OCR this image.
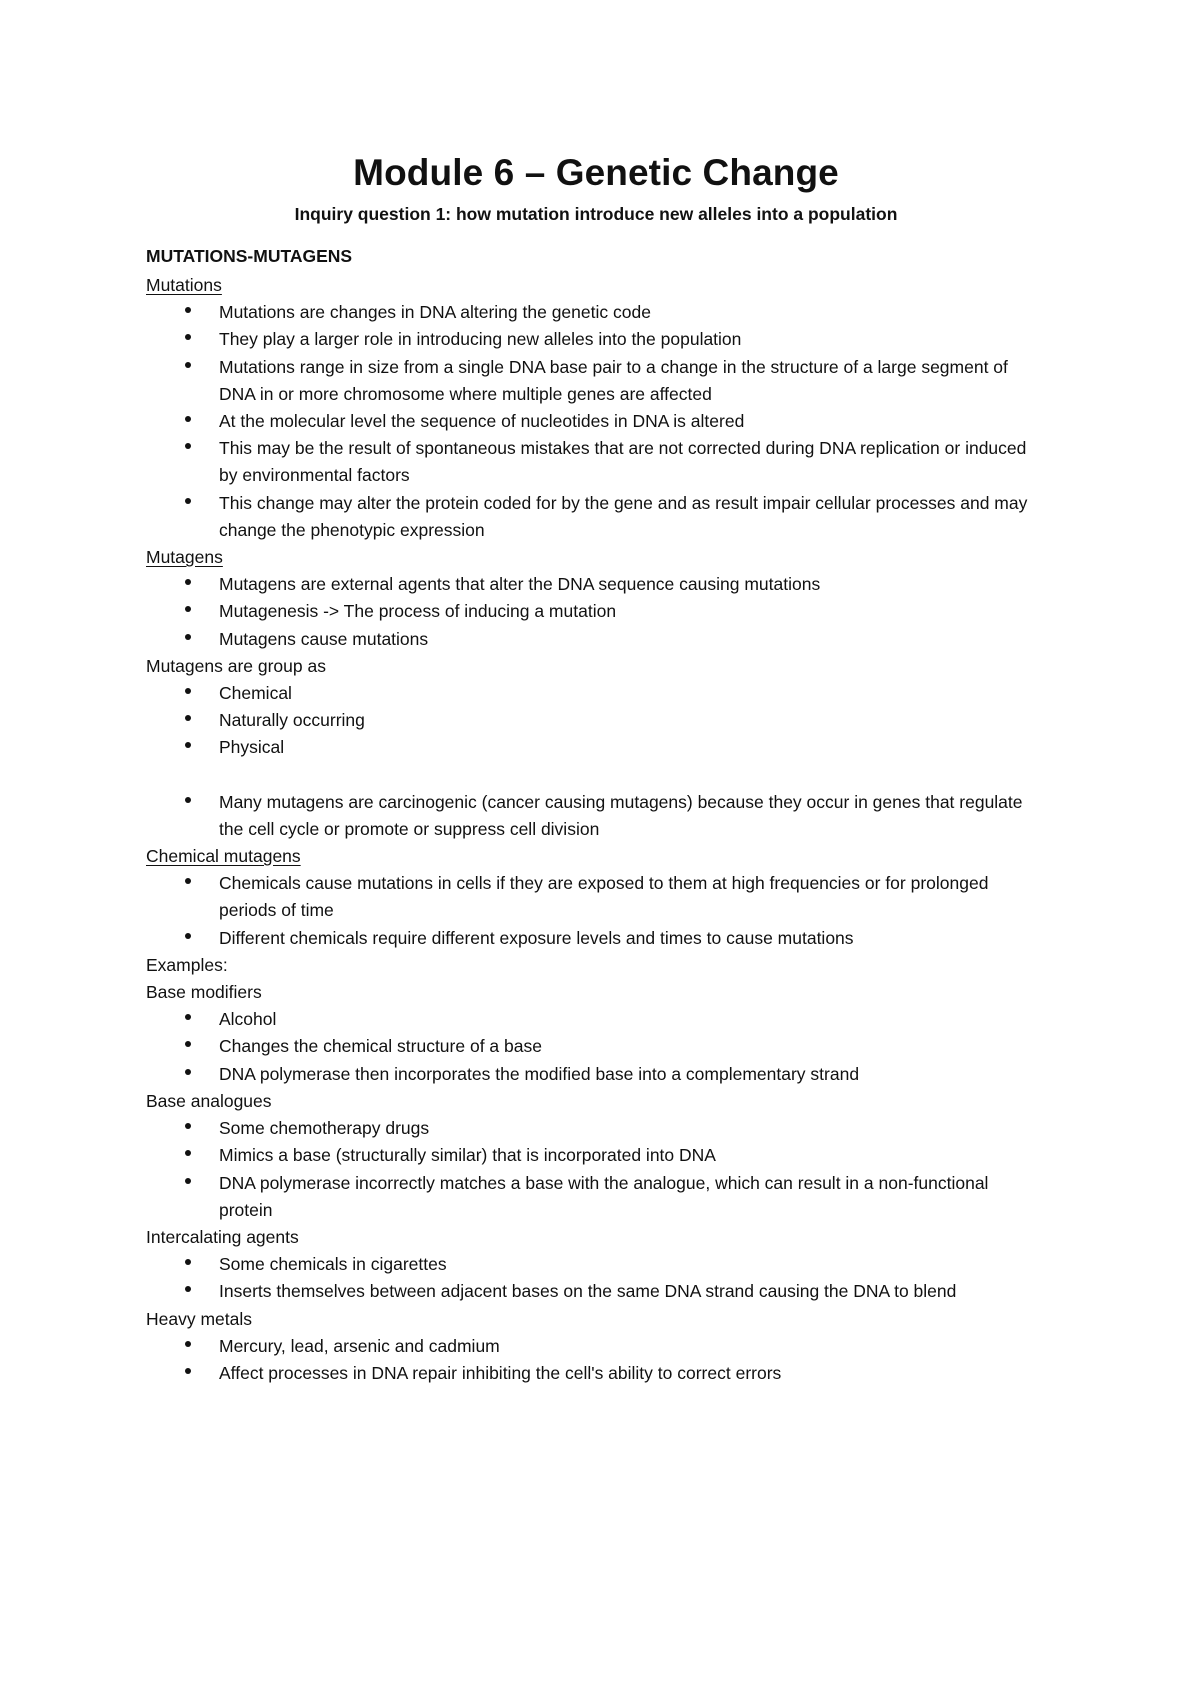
Module 6 – Genetic Change

Inquiry question 1: how mutation introduce new alleles into a population

MUTATIONS-MUTAGENS

Mutations

Mutations are changes in DNA altering the genetic code
They play a larger role in introducing new alleles into the population
Mutations range in size from a single DNA base pair to a change in the structure of a large segment of DNA in or more chromosome where multiple genes are affected
At the molecular level the sequence of nucleotides in DNA is altered
This may be the result of spontaneous mistakes that are not corrected during DNA replication or induced by environmental factors
This change may alter the protein coded for by the gene and as result impair cellular processes and may change the phenotypic expression

Mutagens

Mutagens are external agents that alter the DNA sequence causing mutations
Mutagenesis -> The process of inducing a mutation
Mutagens cause mutations

Mutagens are group as

Chemical
Naturally occurring
Physical
Many mutagens are carcinogenic (cancer causing mutagens) because they occur in genes that regulate the cell cycle or promote or suppress cell division

Chemical mutagens

Chemicals cause mutations in cells if they are exposed to them at high frequencies or for prolonged periods of time
Different chemicals require different exposure levels and times to cause mutations

Examples:

Base modifiers

Alcohol
Changes the chemical structure of a base
DNA polymerase then incorporates the modified base into a complementary strand

Base analogues

Some chemotherapy drugs
Mimics a base (structurally similar) that is incorporated into DNA
DNA polymerase incorrectly matches a base with the analogue, which can result in a non-functional protein

Intercalating agents

Some chemicals in cigarettes
Inserts themselves between adjacent bases on the same DNA strand causing the DNA to blend

Heavy metals

Mercury, lead, arsenic and cadmium
Affect processes in DNA repair inhibiting the cell's ability to correct errors
